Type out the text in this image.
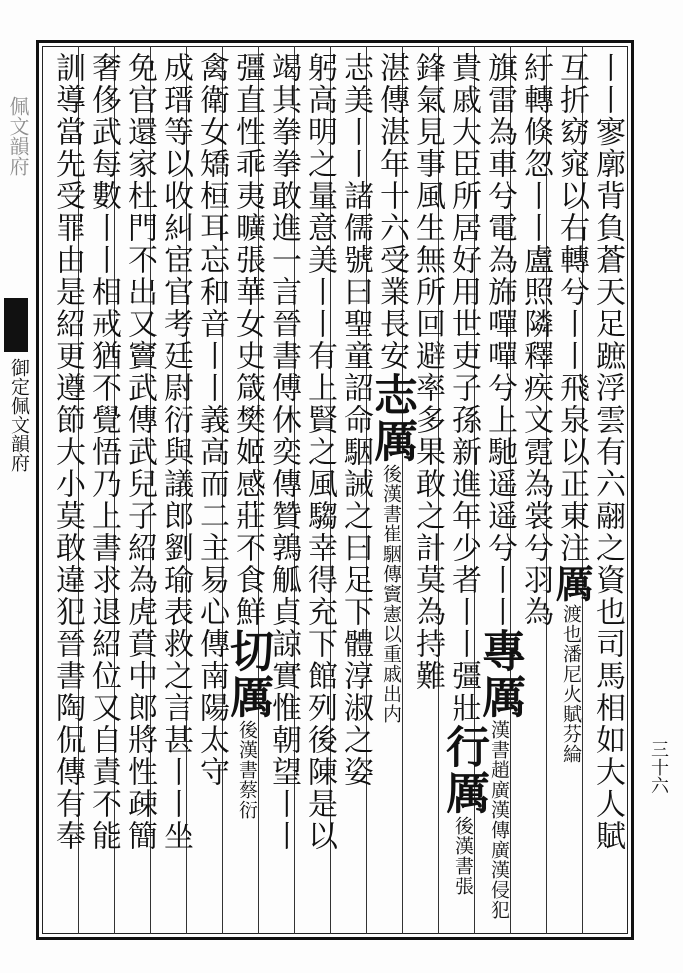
佩文韻府
御定佩文韻府	丨丨寥廓背負蒼天足蹠浮雲有六翮之資也司馬相如大人賦
互折窈窕以右轉兮丨丨飛泉以正東注厲渡也潘尼火賦芬綸
紆轉倏忽丨丨盧照隣釋疾文霓為裳兮羽為
旗雷為車兮電為旆嘽嘽兮上馳遥遥兮丨丨專厲漢書趙廣漢傳廣漢侵犯
貴戚大臣所居好用世吏子孫新進年少者丨丨彊壯行厲後漢書張
鋒氣見事風生無所回避率多果敢之計莫為持難
湛傳湛年十六受業長安志厲後漢書崔駰傳竇憲以重戚出内
志美丨丨諸儒號曰聖童詔命駰誡之曰足下體淳淑之姿
躬高明之量意美丨丨有上賢之風騶幸得充下館列後陳是以
竭其拳拳敢進一言晉書傅休奕傳贊鶉觚貞諒實惟朝望丨丨
彊直性乖夷曠張華女史箴樊姬感莊不食鮮切厲後漢書蔡衍
禽衛女矯桓耳忘和音丨丨義高而二主易心傳南陽太守
成瑨等以收糾宦官考廷尉衍與議郎劉瑜表救之言甚丨丨坐
免官還家杜門不出又竇武傳武兒子紹為虎賁中郎將性疎簡
奢侈武每數丨丨相戒猶不覺悟乃上書求退紹位又自責不能
訓導當先受罪由是紹更遵節大小莫敢違犯晉書陶侃傳有奉	三十六
